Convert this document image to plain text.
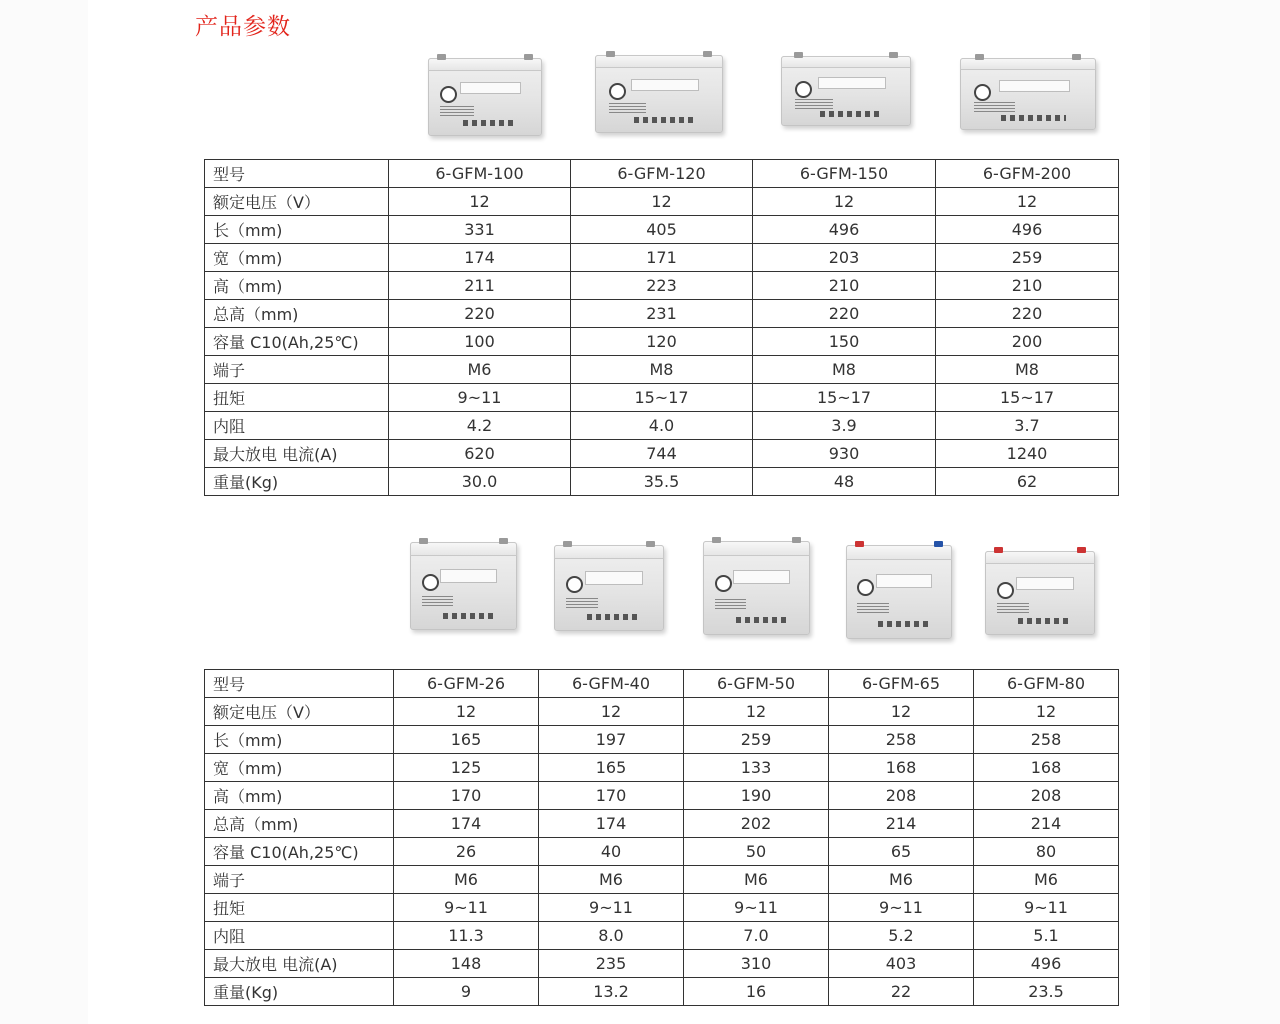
产品参数
型号	6-GFM-100	6-GFM-120	6-GFM-150	6-GFM-200
额定电压（V）	12	12	12	12
长（mm)	331	405	496	496
宽（mm)	174	171	203	259
高（mm)	211	223	210	210
总高（mm)	220	231	220	220
容量 C10(Ah,25℃)	100	120	150	200
端子	M6	M8	M8	M8
扭矩	9~11	15~17	15~17	15~17
内阻	4.2	4.0	3.9	3.7
最大放电 电流(A)	620	744	930	1240
重量(Kg)	30.0	35.5	48	62
型号	6-GFM-26	6-GFM-40	6-GFM-50	6-GFM-65	6-GFM-80
额定电压（V）	12	12	12	12	12
长（mm)	165	197	259	258	258
宽（mm)	125	165	133	168	168
高（mm)	170	170	190	208	208
总高（mm)	174	174	202	214	214
容量 C10(Ah,25℃)	26	40	50	65	80
端子	M6	M6	M6	M6	M6
扭矩	9~11	9~11	9~11	9~11	9~11
内阻	11.3	8.0	7.0	5.2	5.1
最大放电 电流(A)	148	235	310	403	496
重量(Kg)	9	13.2	16	22	23.5
